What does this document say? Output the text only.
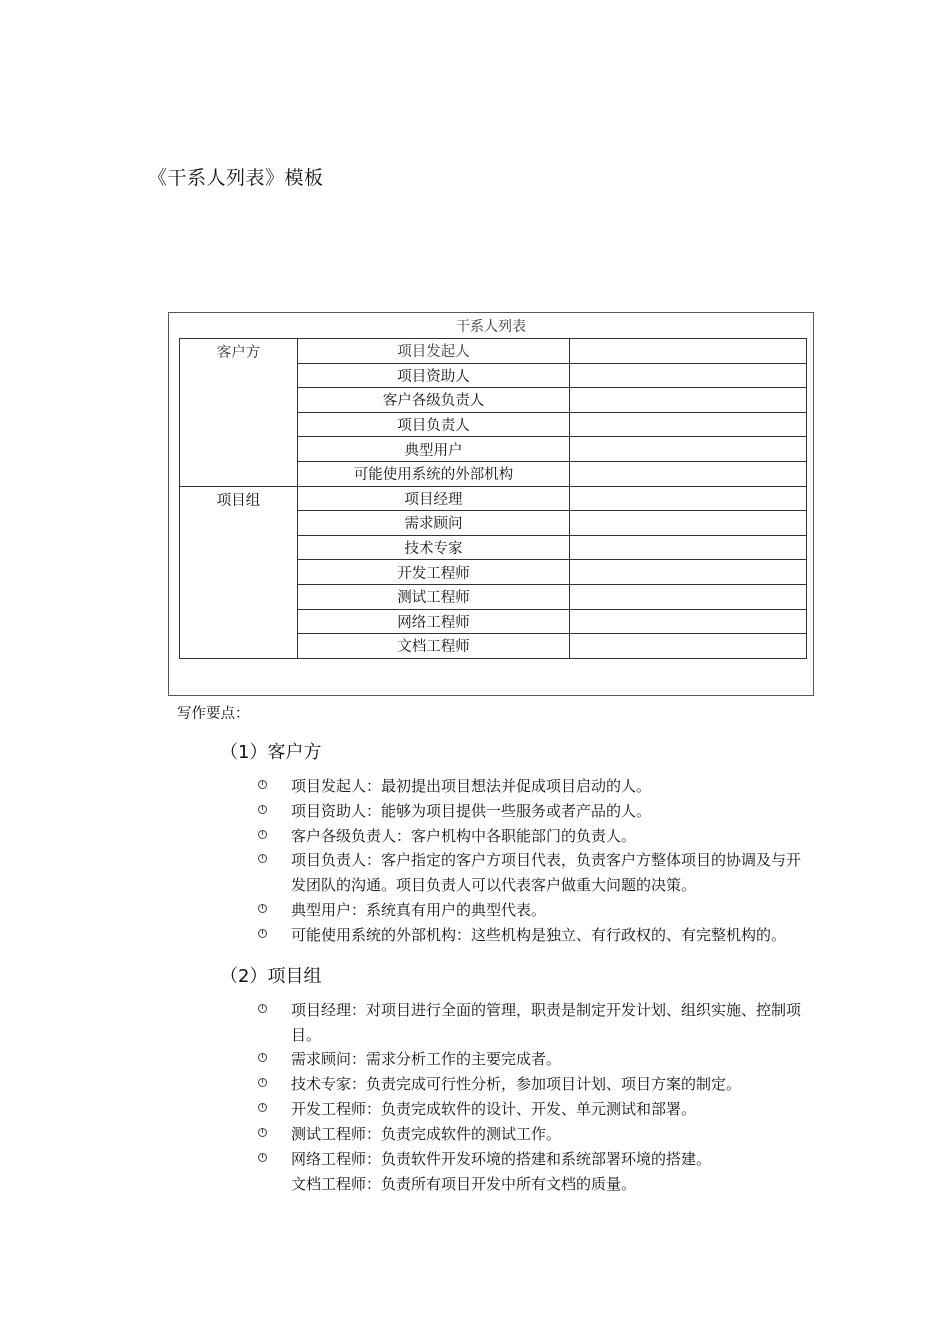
《干系人列表》模板
干系人列表
客户方	项目发起人	
	项目资助人	
	客户各级负责人	
	项目负责人	
	典型用户	
	可能使用系统的外部机构	
项目组	项目经理	
	需求顾问	
	技术专家	
	开发工程师	
	测试工程师	
	网络工程师	
	文档工程师	
写作要点：
（1）客户方
项目发起人：最初提出项目想法并促成项目启动的人。
项目资助人：能够为项目提供一些服务或者产品的人。
客户各级负责人：客户机构中各职能部门的负责人。
项目负责人：客户指定的客户方项目代表，负责客户方整体项目的协调及与开发团队的沟通。项目负责人可以代表客户做重大问题的决策。
典型用户：系统真有用户的典型代表。
可能使用系统的外部机构：这些机构是独立、有行政权的、有完整机构的。
（2）项目组
项目经理：对项目进行全面的管理，职责是制定开发计划、组织实施、控制项目。
需求顾问：需求分析工作的主要完成者。
技术专家：负责完成可行性分析，参加项目计划、项目方案的制定。
开发工程师：负责完成软件的设计、开发、单元测试和部署。
测试工程师：负责完成软件的测试工作。
网络工程师：负责软件开发环境的搭建和系统部署环境的搭建。
文档工程师：负责所有项目开发中所有文档的质量。
